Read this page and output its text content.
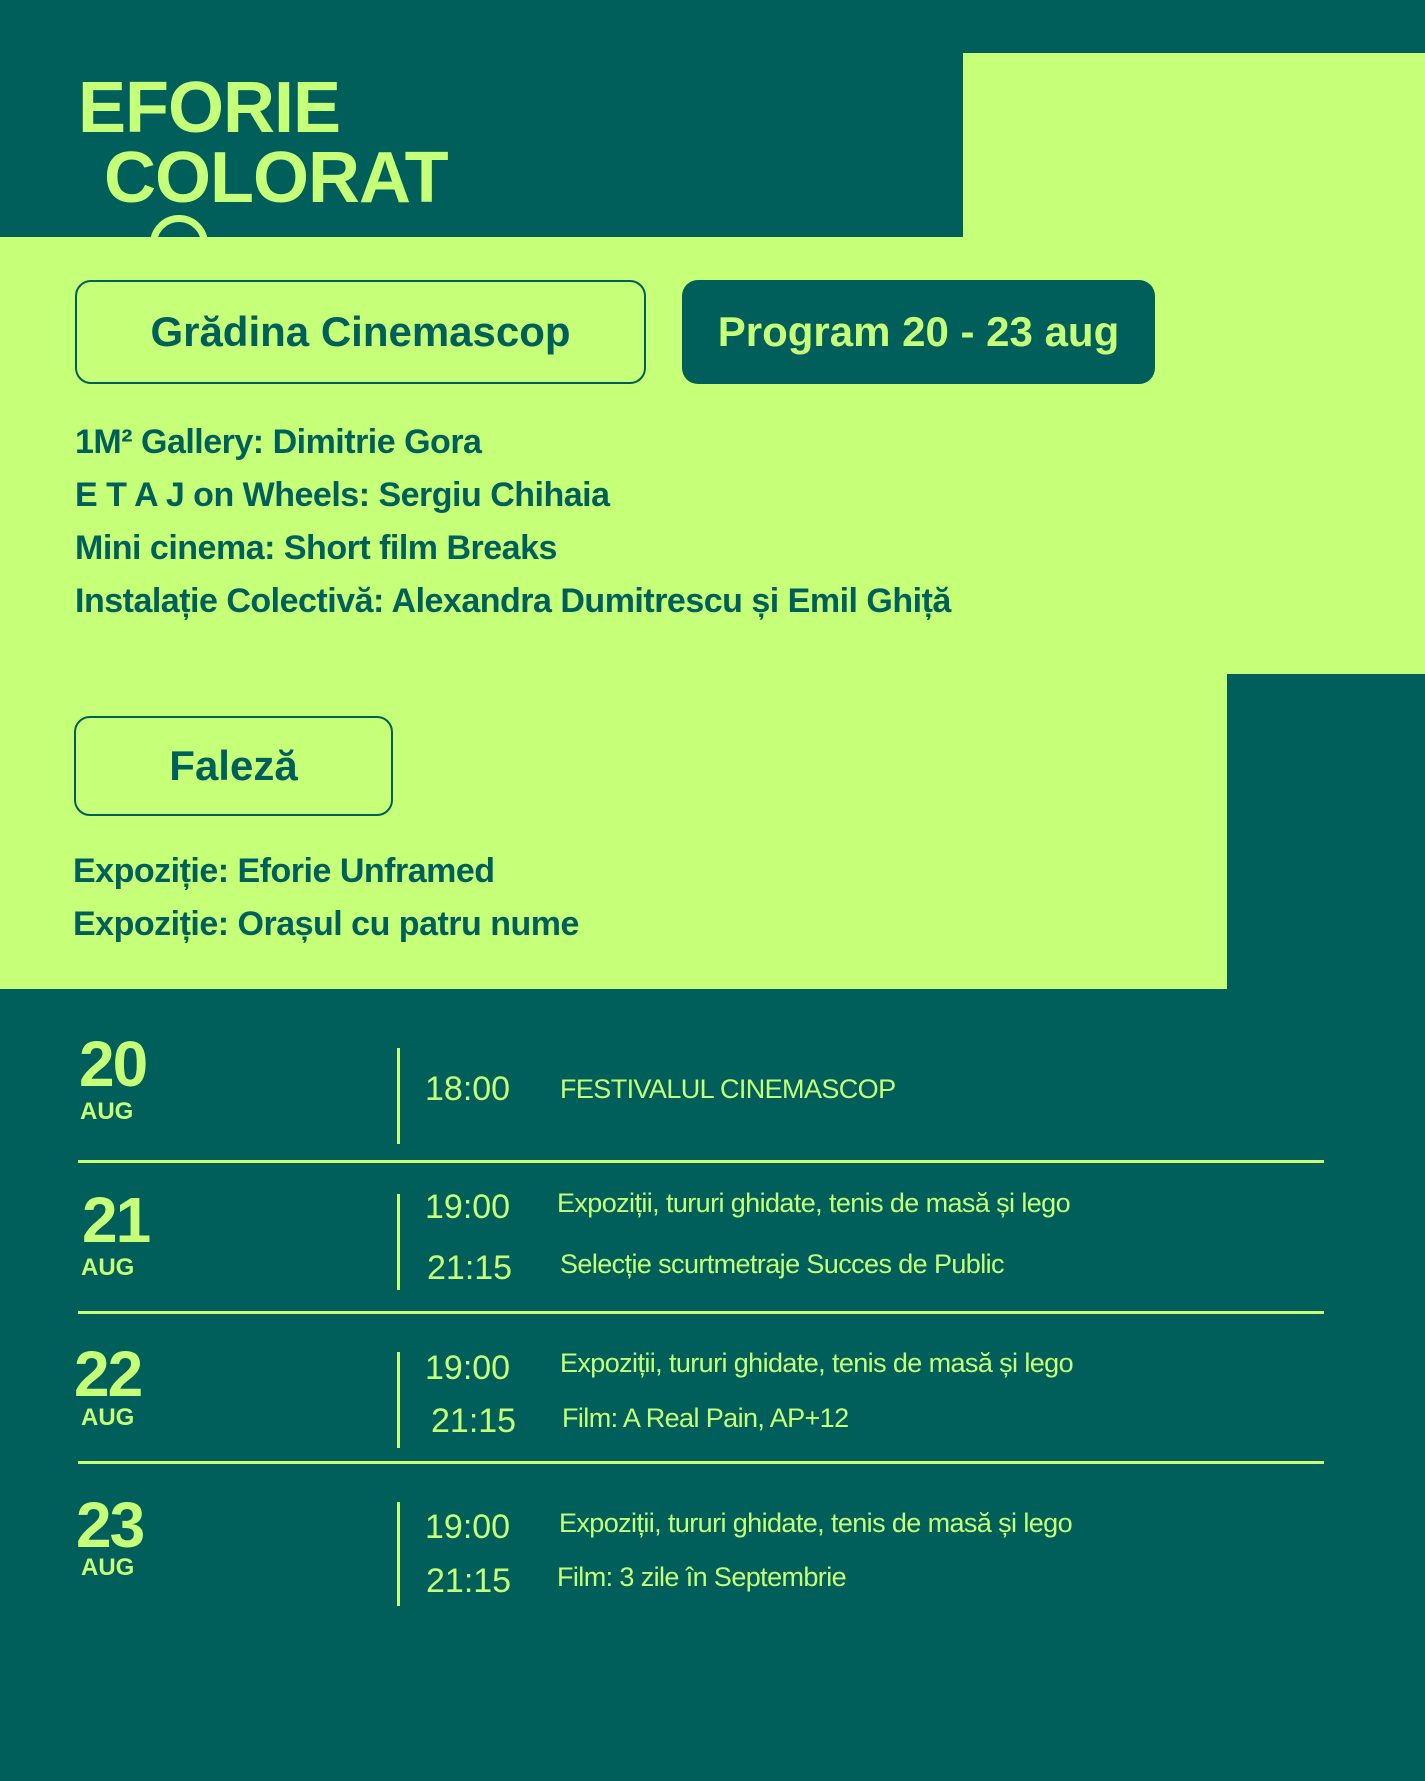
EFORIE
COLORAT
Grădina Cinemascop	Program 20 - 23 aug
1M² Gallery: Dimitrie Gora
E T A J on Wheels: Sergiu Chihaia
Mini cinema: Short film Breaks
Instalație Colectivă: Alexandra Dumitrescu și Emil Ghiță
Faleză
Expoziție: Eforie Unframed
Expoziție: Orașul cu patru nume
20
AUG
18:00 FESTIVALUL CINEMASCOP
21
AUG
19:00 Expoziții, tururi ghidate, tenis de masă și lego
21:15 Selecție scurtmetraje Succes de Public
22
AUG
19:00 Expoziții, tururi ghidate, tenis de masă și lego
21:15 Film: A Real Pain, AP+12
23
AUG
19:00 Expoziții, tururi ghidate, tenis de masă și lego
21:15 Film: 3 zile în Septembrie
